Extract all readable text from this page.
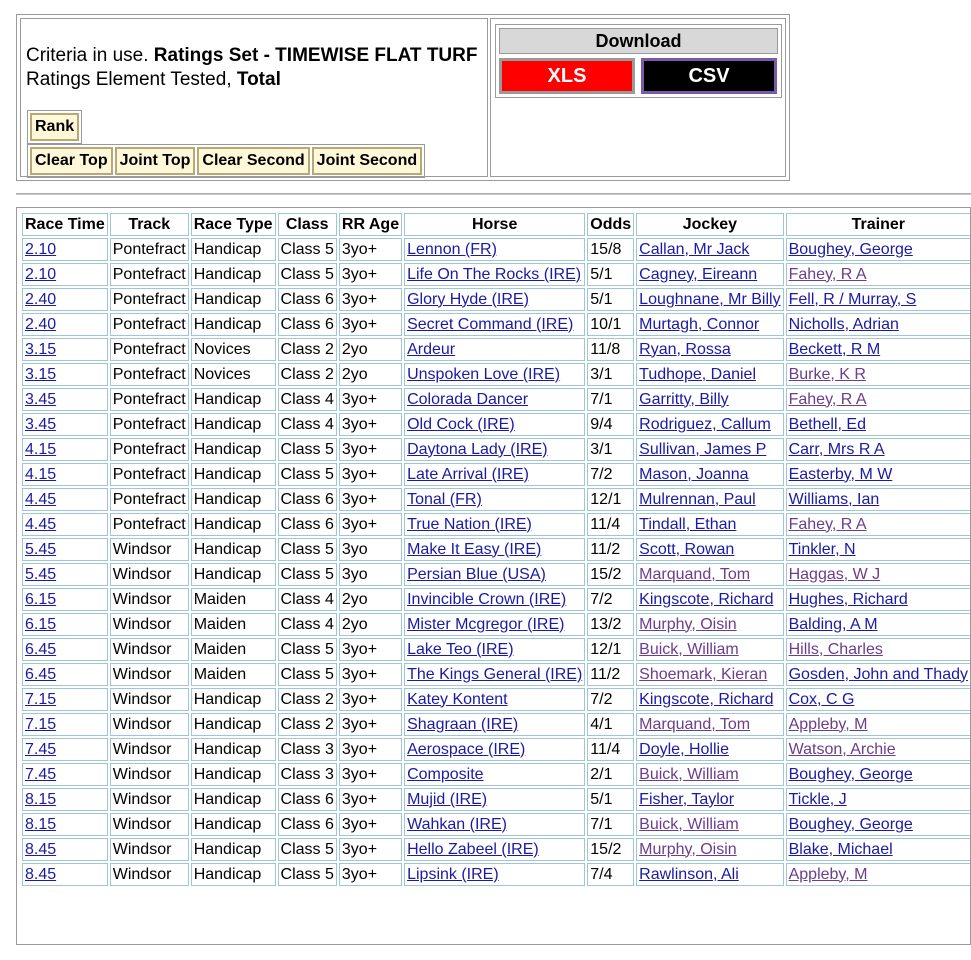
Criteria in use. Ratings Set - TIMEWISE FLAT TURF
Ratings Element Tested, Total
Rank
Clear Top Joint Top Clear Second Joint Second
Download
XLS	CSV
Race Time	Track	Race Type	Class	RR Age	Horse	Odds	Jockey	Trainer
2.10	Pontefract	Handicap	Class 5	3yo+	Lennon (FR)	15/8	Callan, Mr Jack	Boughey, George
2.10	Pontefract	Handicap	Class 5	3yo+	Life On The Rocks (IRE)	5/1	Cagney, Eireann	Fahey, R A
2.40	Pontefract	Handicap	Class 6	3yo+	Glory Hyde (IRE)	5/1	Loughnane, Mr Billy	Fell, R / Murray, S
2.40	Pontefract	Handicap	Class 6	3yo+	Secret Command (IRE)	10/1	Murtagh, Connor	Nicholls, Adrian
3.15	Pontefract	Novices	Class 2	2yo	Ardeur	11/8	Ryan, Rossa	Beckett, R M
3.15	Pontefract	Novices	Class 2	2yo	Unspoken Love (IRE)	3/1	Tudhope, Daniel	Burke, K R
3.45	Pontefract	Handicap	Class 4	3yo+	Colorada Dancer	7/1	Garritty, Billy	Fahey, R A
3.45	Pontefract	Handicap	Class 4	3yo+	Old Cock (IRE)	9/4	Rodriguez, Callum	Bethell, Ed
4.15	Pontefract	Handicap	Class 5	3yo+	Daytona Lady (IRE)	3/1	Sullivan, James P	Carr, Mrs R A
4.15	Pontefract	Handicap	Class 5	3yo+	Late Arrival (IRE)	7/2	Mason, Joanna	Easterby, M W
4.45	Pontefract	Handicap	Class 6	3yo+	Tonal (FR)	12/1	Mulrennan, Paul	Williams, Ian
4.45	Pontefract	Handicap	Class 6	3yo+	True Nation (IRE)	11/4	Tindall, Ethan	Fahey, R A
5.45	Windsor	Handicap	Class 5	3yo	Make It Easy (IRE)	11/2	Scott, Rowan	Tinkler, N
5.45	Windsor	Handicap	Class 5	3yo	Persian Blue (USA)	15/2	Marquand, Tom	Haggas, W J
6.15	Windsor	Maiden	Class 4	2yo	Invincible Crown (IRE)	7/2	Kingscote, Richard	Hughes, Richard
6.15	Windsor	Maiden	Class 4	2yo	Mister Mcgregor (IRE)	13/2	Murphy, Oisin	Balding, A M
6.45	Windsor	Maiden	Class 5	3yo+	Lake Teo (IRE)	12/1	Buick, William	Hills, Charles
6.45	Windsor	Maiden	Class 5	3yo+	The Kings General (IRE)	11/2	Shoemark, Kieran	Gosden, John and Thady
7.15	Windsor	Handicap	Class 2	3yo+	Katey Kontent	7/2	Kingscote, Richard	Cox, C G
7.15	Windsor	Handicap	Class 2	3yo+	Shagraan (IRE)	4/1	Marquand, Tom	Appleby, M
7.45	Windsor	Handicap	Class 3	3yo+	Aerospace (IRE)	11/4	Doyle, Hollie	Watson, Archie
7.45	Windsor	Handicap	Class 3	3yo+	Composite	2/1	Buick, William	Boughey, George
8.15	Windsor	Handicap	Class 6	3yo+	Mujid (IRE)	5/1	Fisher, Taylor	Tickle, J
8.15	Windsor	Handicap	Class 6	3yo+	Wahkan (IRE)	7/1	Buick, William	Boughey, George
8.45	Windsor	Handicap	Class 5	3yo+	Hello Zabeel (IRE)	15/2	Murphy, Oisin	Blake, Michael
8.45	Windsor	Handicap	Class 5	3yo+	Lipsink (IRE)	7/4	Rawlinson, Ali	Appleby, M
